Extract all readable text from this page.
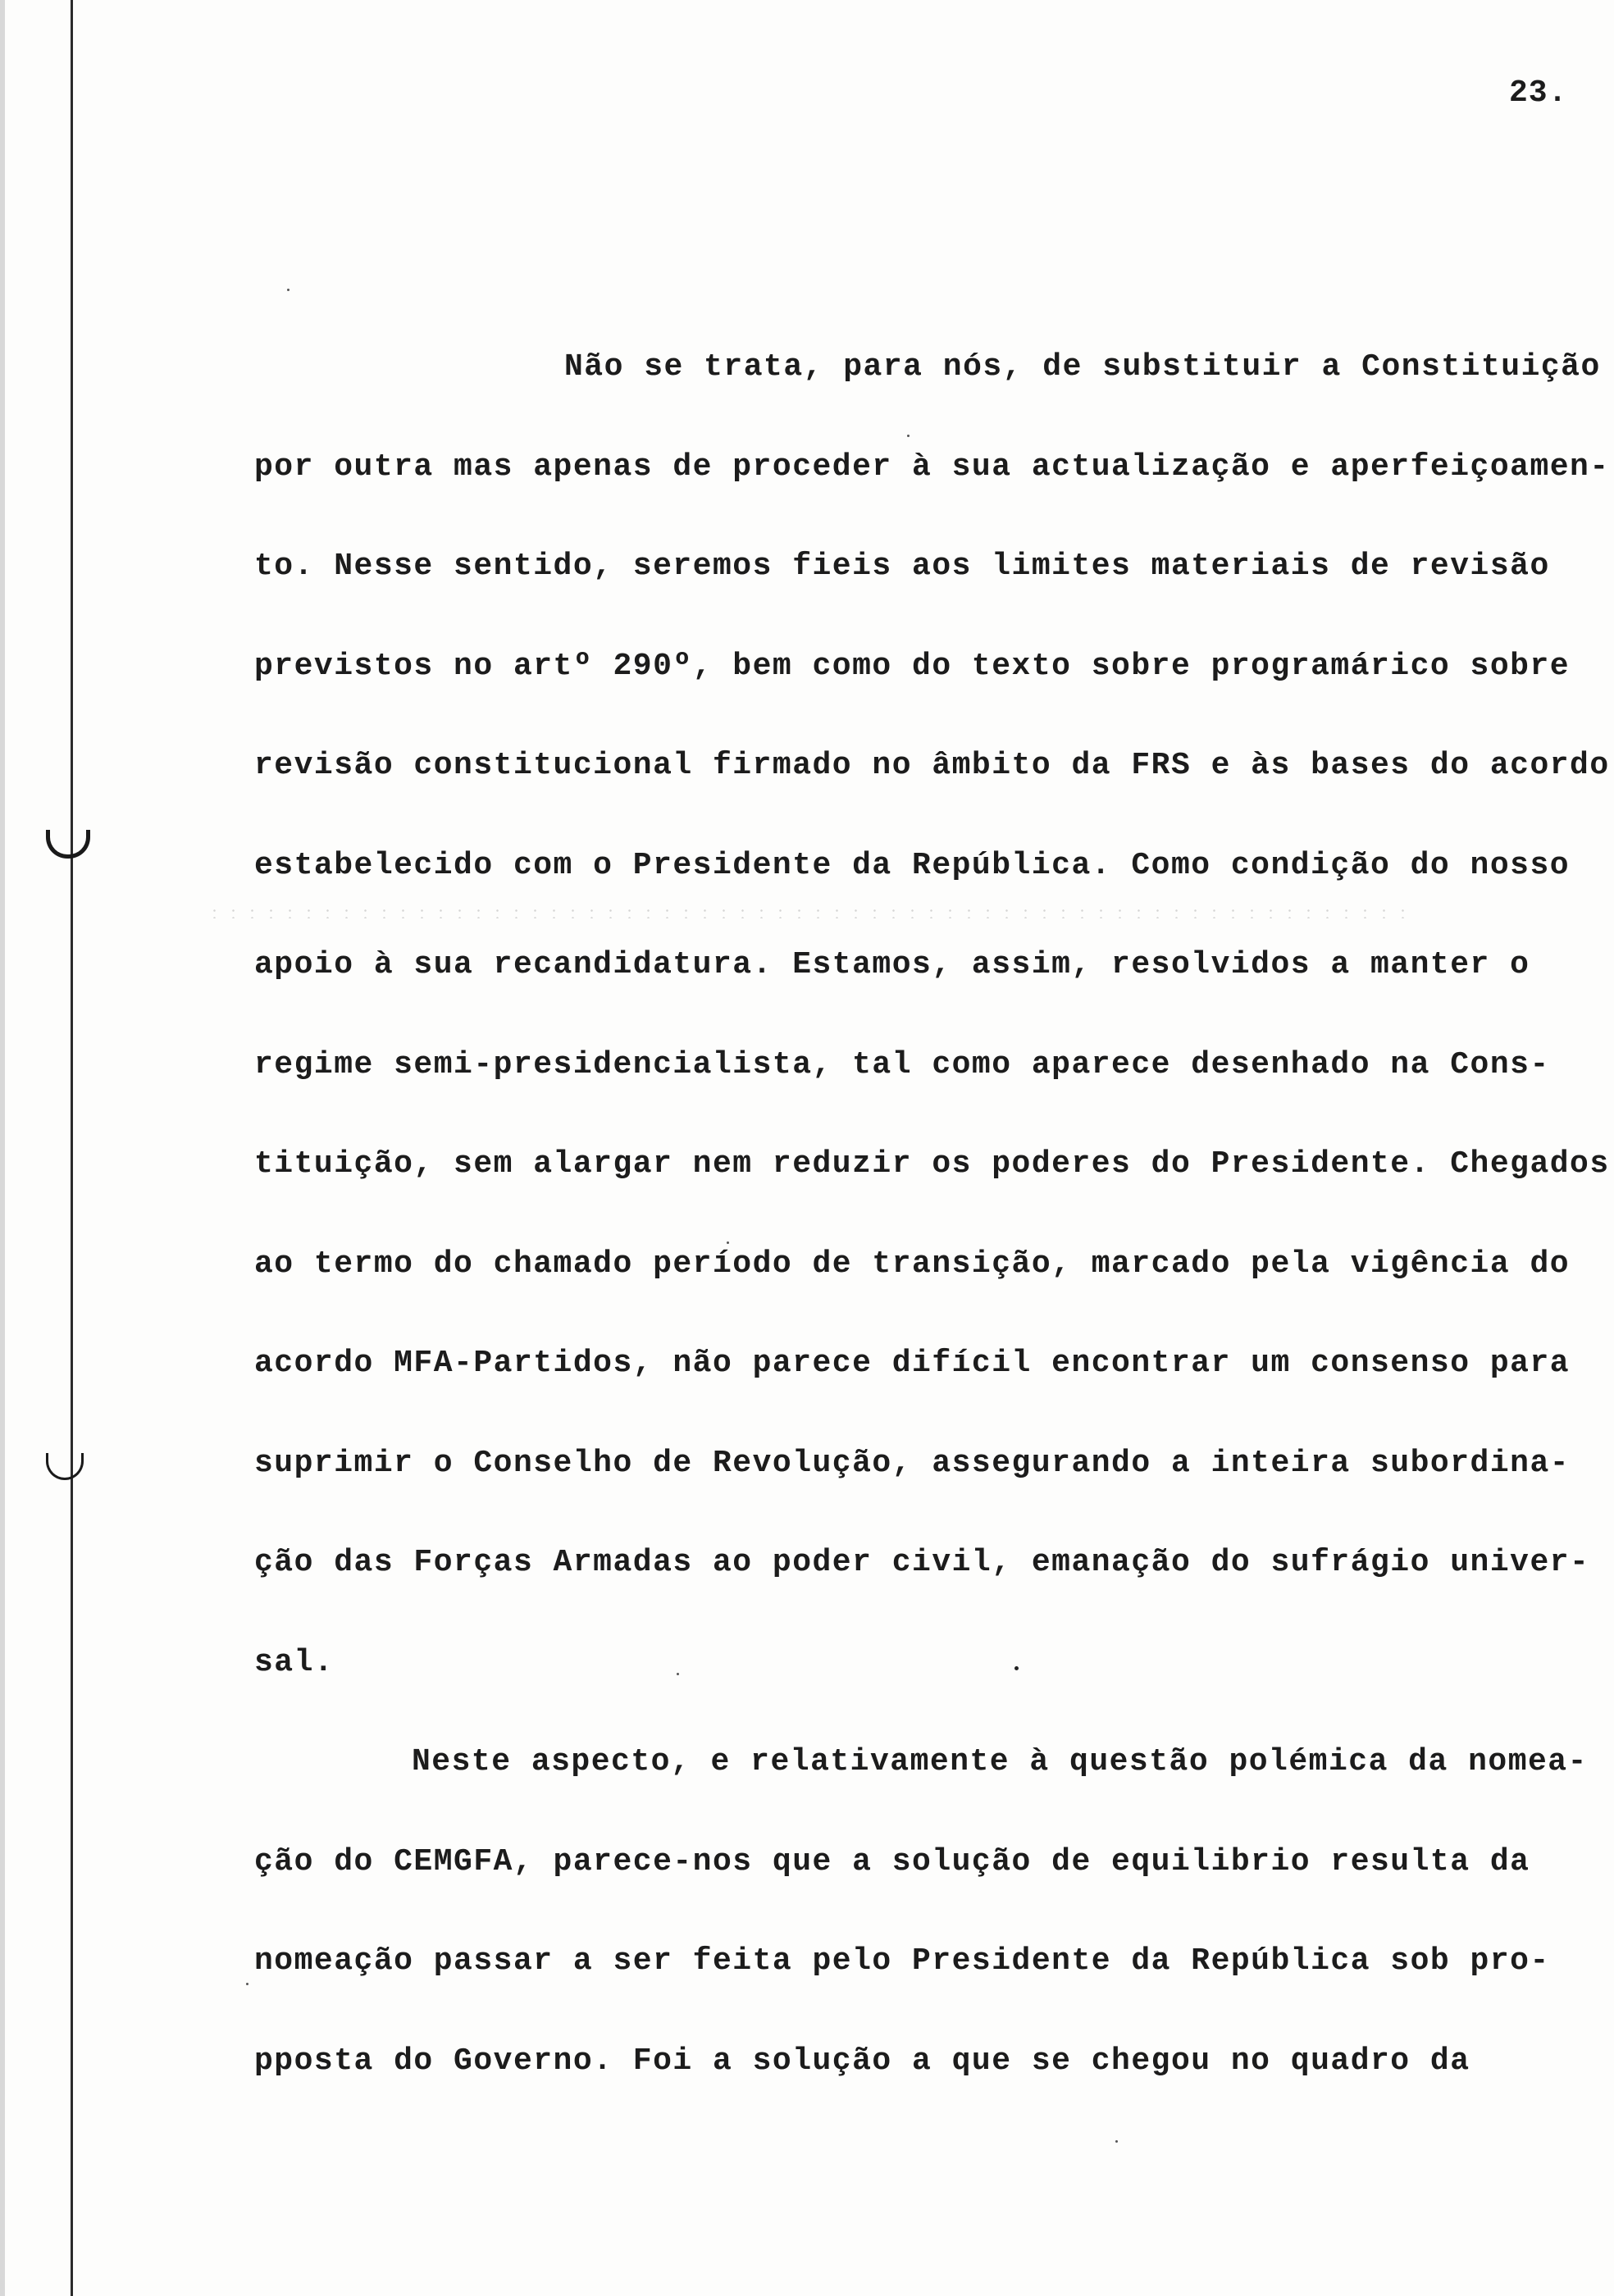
23.
Não se trata, para nós, de substituir a Constituição
por outra mas apenas de proceder à sua actualização e aperfeiçoamen-
to. Nesse sentido, seremos fieis aos limites materiais de revisão
previstos no artº 290º, bem como do texto sobre programárico sobre
revisão constitucional firmado no âmbito da FRS e às bases do acordo
estabelecido com o Presidente da República. Como condição do nosso
apoio à sua recandidatura. Estamos, assim, resolvidos a manter o
regime semi-presidencialista, tal como aparece desenhado na Cons-
tituição, sem alargar nem reduzir os poderes do Presidente. Chegados
ao termo do chamado período de transição, marcado pela vigência do
acordo MFA-Partidos, não parece difícil encontrar um consenso para
suprimir o Conselho de Revolução, assegurando a inteira subordina-
ção das Forças Armadas ao poder civil, emanação do sufrágio univer-
sal.
Neste aspecto, e relativamente à questão polémica da nomea-
ção do CEMGFA, parece-nos que a solução de equilibrio resulta da
nomeação passar a ser feita pelo Presidente da República sob pro-
pposta do Governo. Foi a solução a que se chegou no quadro da
